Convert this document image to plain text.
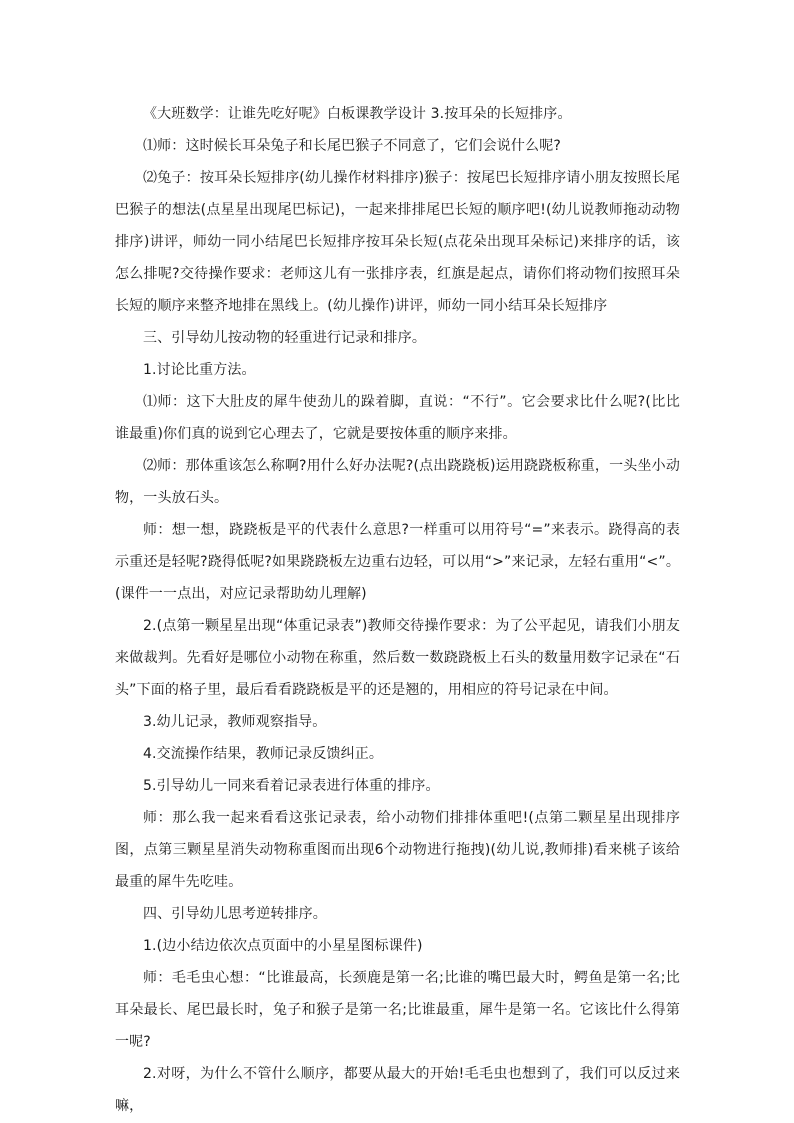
《大班数学：让谁先吃好呢》白板课教学设计 3.按耳朵的长短排序。

⑴师：这时候长耳朵兔子和长尾巴猴子不同意了，它们会说什么呢?

⑵兔子：按耳朵长短排序(幼儿操作材料排序)猴子：按尾巴长短排序请小朋友按照长尾巴猴子的想法(点星星出现尾巴标记)，一起来排排尾巴长短的顺序吧!(幼儿说教师拖动动物排序)讲评，师幼一同小结尾巴长短排序按耳朵长短(点花朵出现耳朵标记)来排序的话，该怎么排呢?交待操作要求：老师这儿有一张排序表，红旗是起点，请你们将动物们按照耳朵长短的顺序来整齐地排在黑线上。(幼儿操作)讲评，师幼一同小结耳朵长短排序

三、引导幼儿按动物的轻重进行记录和排序。

1.讨论比重方法。

⑴师：这下大肚皮的犀牛使劲儿的跺着脚，直说：“不行”。它会要求比什么呢?(比比谁最重)你们真的说到它心理去了，它就是要按体重的顺序来排。

⑵师：那体重该怎么称啊?用什么好办法呢?(点出跷跷板)运用跷跷板称重，一头坐小动物，一头放石头。

师：想一想，跷跷板是平的代表什么意思?一样重可以用符号“=”来表示。跷得高的表示重还是轻呢?跷得低呢?如果跷跷板左边重右边轻，可以用“>”来记录，左轻右重用“<”。(课件一一点出，对应记录帮助幼儿理解)

2.(点第一颗星星出现“体重记录表”)教师交待操作要求：为了公平起见，请我们小朋友来做裁判。先看好是哪位小动物在称重，然后数一数跷跷板上石头的数量用数字记录在“石头”下面的格子里，最后看看跷跷板是平的还是翘的，用相应的符号记录在中间。

3.幼儿记录，教师观察指导。

4.交流操作结果，教师记录反馈纠正。

5.引导幼儿一同来看着记录表进行体重的排序。

师：那么我一起来看看这张记录表，给小动物们排排体重吧!(点第二颗星星出现排序图，点第三颗星星消失动物称重图而出现6个动物进行拖拽)(幼儿说,教师排)看来桃子该给最重的犀牛先吃哇。

四、引导幼儿思考逆转排序。

1.(边小结边依次点页面中的小星星图标课件)

师：毛毛虫心想：“比谁最高，长颈鹿是第一名;比谁的嘴巴最大时，鳄鱼是第一名;比耳朵最长、尾巴最长时，兔子和猴子是第一名;比谁最重，犀牛是第一名。它该比什么得第一呢?

2.对呀，为什么不管什么顺序，都要从最大的开始!毛毛虫也想到了，我们可以反过来嘛，
